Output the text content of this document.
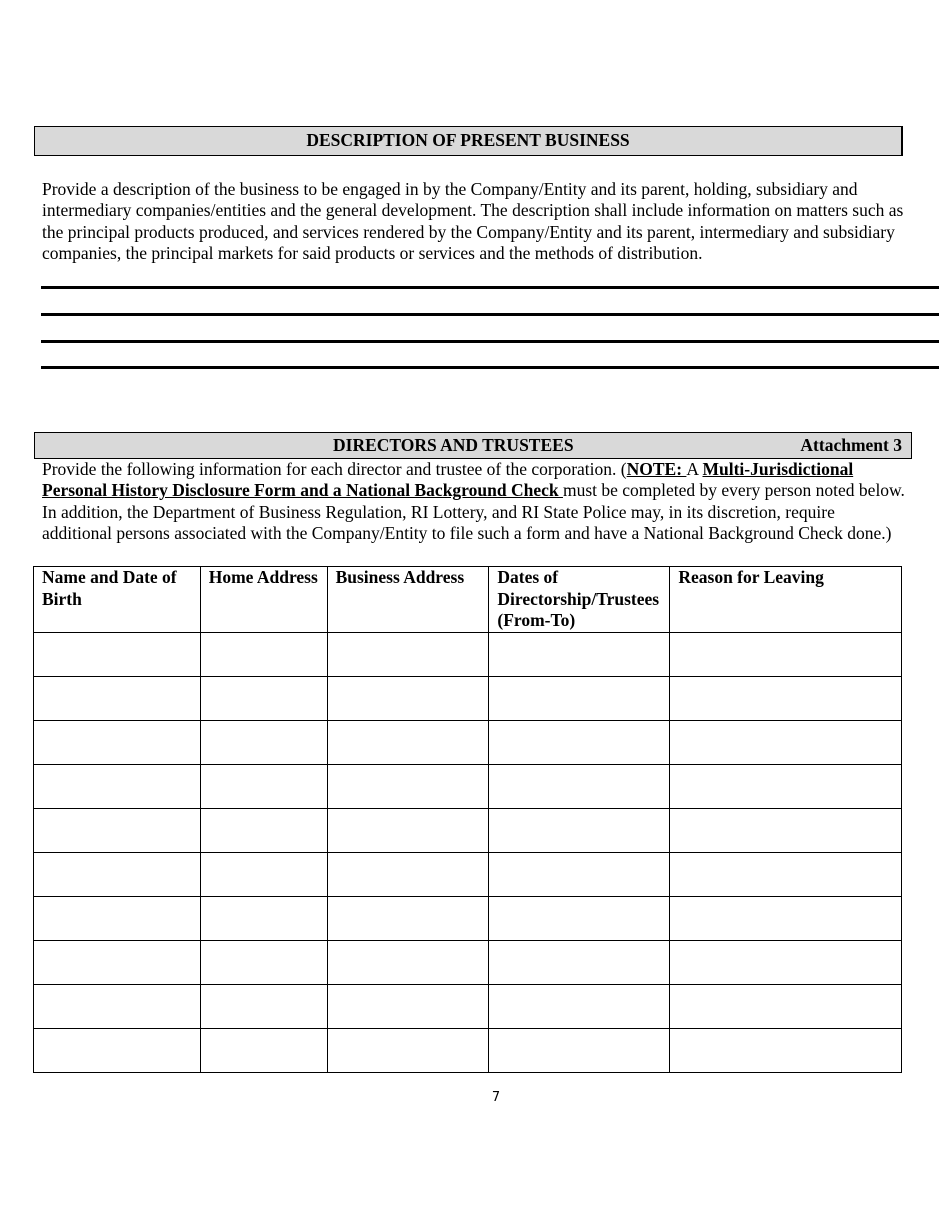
DESCRIPTION OF PRESENT BUSINESS

Provide a description of the business to be engaged in by the Company/Entity and its parent, holding, subsidiary and intermediary companies/entities and the general development. The description shall include information on matters such as the principal products produced, and services rendered by the Company/Entity and its parent, intermediary and subsidiary companies, the principal markets for said products or services and the methods of distribution.

DIRECTORS AND TRUSTEES	Attachment 3

Provide the following information for each director and trustee of the corporation. (NOTE: A Multi-Jurisdictional Personal History Disclosure Form and a National Background Check must be completed by every person noted below. In addition, the Department of Business Regulation, RI Lottery, and RI State Police may, in its discretion, require additional persons associated with the Company/Entity to file such a form and have a National Background Check done.)

Name and Date of Birth	Home Address	Business Address	Dates of Directorship/Trustees (From-To)	Reason for Leaving

7
